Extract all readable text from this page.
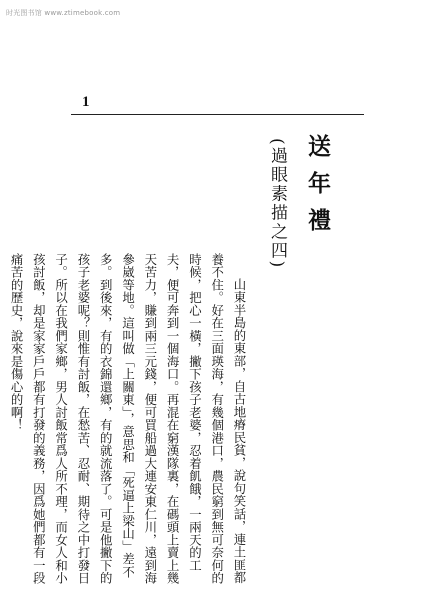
时光图书馆 www.ztimebook.com
1
送年禮
(過眼素描之四)

山東半島的東部，自古地瘠民貧，說句笑話，連土匪都養不住。好在三面瑛海，有幾個港口，農民窮到無可奈何的時候，把心一橫，撇下孩子老婆，忍着飢餓，一兩天的工夫，便可奔到一個海口。再混在窮漢隊裏，在碼頭上賣上幾天苦力，賺到兩三元錢，便可買船過大連安東仁川，遠到海參崴等地。這叫做「上關東」，意思和「死逼上梁山」差不多。到後來，有的衣錦還鄉，有的就流落了。可是他撇下的孩子老婆呢？則惟有討飯，在愁苦、忍耐、期待之中打發日子。所以在我們家鄉，男人討飯常爲人所不理，而女人和小孩討飯，却是家家戶戶都有打發的義務，因爲她們都有一段痛苦的歷史，說來是傷心的啊！
